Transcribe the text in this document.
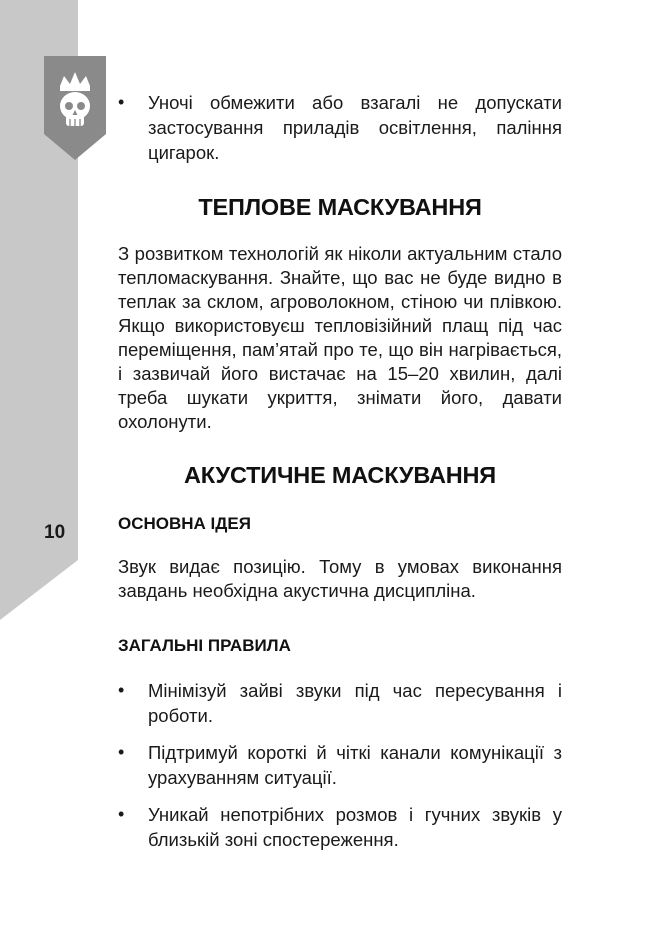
10
• Уночі обмежити або взагалі не допускати застосування приладів освітлення, паління цигарок.
ТЕПЛОВЕ МАСКУВАННЯ

З розвитком технологій як ніколи актуальним стало тепломаскування. Знайте, що вас не буде видно в теплак за склом, агроволокном, стіною чи плівкою. Якщо використовуєш тепловізійний плащ під час переміщення, пам’ятай про те, що він нагрівається, і зазвичай його вистачає на 15–20 хвилин, далі треба шукати укриття, знімати його, давати охолонути.

АКУСТИЧНЕ МАСКУВАННЯ
ОСНОВНА ІДЕЯ

Звук видає позицію. Тому в умовах виконання завдань необхідна акустична дисципліна.

ЗАГАЛЬНІ ПРАВИЛА
• Мінімізуй зайві звуки під час пересування і роботи.
• Підтримуй короткі й чіткі канали комунікації з урахуванням ситуації.
• Уникай непотрібних розмов і гучних звуків у близькій зоні спостереження.
